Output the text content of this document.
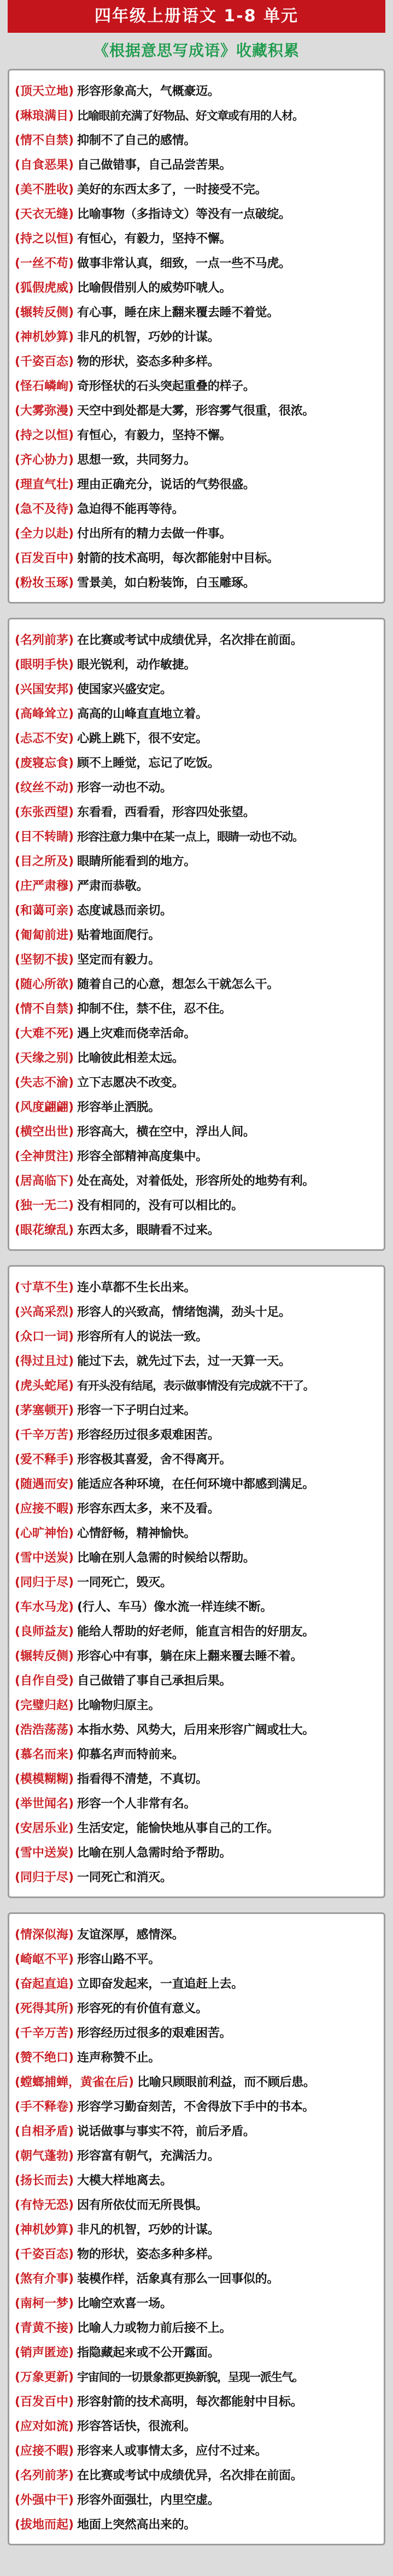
四年级上册语文 1-8 单元
《根据意思写成语》收藏积累
(顶天立地) 形容形象高大，气概豪迈。
(琳琅满目) 比喻眼前充满了好物品、好文章或有用的人材。
(情不自禁) 抑制不了自己的感情。
(自食恶果) 自己做错事，自己品尝苦果。
(美不胜收) 美好的东西太多了，一时接受不完。
(天衣无缝) 比喻事物（多指诗文）等没有一点破绽。
(持之以恒) 有恒心，有毅力，坚持不懈。
(一丝不苟) 做事非常认真，细致，一点一些不马虎。
(狐假虎威) 比喻假借别人的威势吓唬人。
(辗转反侧) 有心事，睡在床上翻来覆去睡不着觉。
(神机妙算) 非凡的机智，巧妙的计谋。
(千姿百态) 物的形状，姿态多种多样。
(怪石嶙峋) 奇形怪状的石头突起重叠的样子。
(大雾弥漫) 天空中到处都是大雾，形容雾气很重，很浓。
(持之以恒) 有恒心，有毅力，坚持不懈。
(齐心协力) 思想一致，共同努力。
(理直气壮) 理由正确充分，说话的气势很盛。
(急不及待) 急迫得不能再等待。
(全力以赴) 付出所有的精力去做一件事。
(百发百中) 射箭的技术高明，每次都能射中目标。
(粉妆玉琢) 雪景美，如白粉装饰，白玉雕琢。
(名列前茅) 在比赛或考试中成绩优异，名次排在前面。
(眼明手快) 眼光锐利，动作敏捷。
(兴国安邦) 使国家兴盛安定。
(高峰耸立) 高高的山峰直直地立着。
(忐忑不安) 心跳上跳下，很不安定。
(废寝忘食) 顾不上睡觉，忘记了吃饭。
(纹丝不动) 形容一动也不动。
(东张西望) 东看看，西看看，形容四处张望。
(目不转睛) 形容注意力集中在某一点上，眼睛一动也不动。
(目之所及) 眼睛所能看到的地方。
(庄严肃穆) 严肃而恭敬。
(和蔼可亲) 态度诚恳而亲切。
(匍匐前进) 贴着地面爬行。
(坚韧不拔) 坚定而有毅力。
(随心所欲) 随着自己的心意，想怎么干就怎么干。
(情不自禁) 抑制不住，禁不住，忍不住。
(大难不死) 遇上灾难而侥幸活命。
(天缘之别) 比喻彼此相差太远。
(失志不渝) 立下志愿决不改变。
(风度翩翩) 形容举止洒脱。
(横空出世) 形容高大，横在空中，浮出人间。
(全神贯注) 形容全部精神高度集中。
(居高临下) 处在高处，对着低处，形容所处的地势有利。
(独一无二) 没有相同的，没有可以相比的。
(眼花缭乱) 东西太多，眼睛看不过来。
(寸草不生) 连小草都不生长出来。
(兴高采烈) 形容人的兴致高，情绪饱满，劲头十足。
(众口一词) 形容所有人的说法一致。
(得过且过) 能过下去，就先过下去，过一天算一天。
(虎头蛇尾) 有开头没有结尾，表示做事情没有完成就不干了。
(茅塞顿开) 形容一下子明白过来。
(千辛万苦) 形容经历过很多艰难困苦。
(爱不释手) 形容极其喜爱，舍不得离开。
(随遇而安) 能适应各种环境，在任何环境中都感到满足。
(应接不暇) 形容东西太多，来不及看。
(心旷神怡) 心情舒畅，精神愉快。
(雪中送炭) 比喻在别人急需的时候给以帮助。
(同归于尽) 一同死亡，毁灭。
(车水马龙) (行人、车马）像水流一样连续不断。
(良师益友) 能给人帮助的好老师，能直言相告的好朋友。
(辗转反侧) 形容心中有事，躺在床上翻来覆去睡不着。
(自作自受) 自己做错了事自己承担后果。
(完璧归赵) 比喻物归原主。
(浩浩荡荡) 本指水势、风势大，后用来形容广阔或壮大。
(慕名而来) 仰慕名声而特前来。
(模模糊糊) 指看得不清楚，不真切。
(举世闻名) 形容一个人非常有名。
(安居乐业) 生活安定，能愉快地从事自己的工作。
(雪中送炭) 比喻在别人急需时给予帮助。
(同归于尽) 一同死亡和消灭。
(情深似海) 友谊深厚，感情深。
(崎岖不平) 形容山路不平。
(奋起直追) 立即奋发起来，一直追赶上去。
(死得其所) 形容死的有价值有意义。
(千辛万苦) 形容经历过很多的艰难困苦。
(赞不绝口) 连声称赞不止。
(螳螂捕蝉，黄雀在后) 比喻只顾眼前利益，而不顾后患。
(手不释卷) 形容学习勤奋刻苦，不舍得放下手中的书本。
(自相矛盾) 说话做事与事实不符，前后矛盾。
(朝气蓬勃) 形容富有朝气，充满活力。
(扬长而去) 大模大样地离去。
(有恃无恐) 因有所依仗而无所畏惧。
(神机妙算) 非凡的机智，巧妙的计谋。
(千姿百态) 物的形状，姿态多种多样。
(煞有介事) 装模作样，活象真有那么一回事似的。
(南柯一梦) 比喻空欢喜一场。
(青黄不接) 比喻人力或物力前后接不上。
(销声匿迹) 指隐藏起来或不公开露面。
(万象更新) 宇宙间的一切景象都更换新貌，呈现一派生气。
(百发百中) 形容射箭的技术高明，每次都能射中目标。
(应对如流) 形容答话快，很流利。
(应接不暇) 形容来人或事情太多，应付不过来。
(名列前茅) 在比赛或考试中成绩优异，名次排在前面。
(外强中干) 形容外面强壮，内里空虚。
(拔地而起) 地面上突然高出来的。
